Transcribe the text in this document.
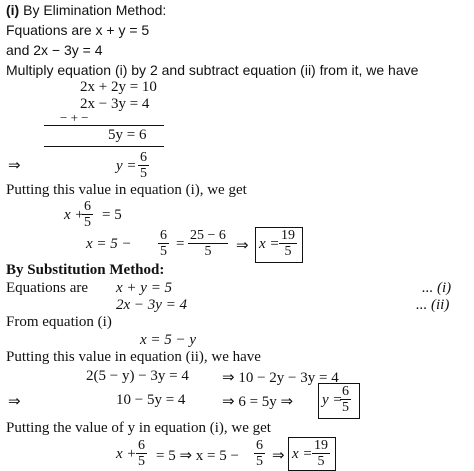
(i) By Elimination Method:
Fquations are x + y = 5
and 2x − 3y = 4
Multiply equation (i) by 2 and subtract equation (ii) from it, we have
2x + 2y = 10
2x − 3y = 4
− + −
5y = 6
⇒	$y = \frac{6}{5}$
Putting this value in equation (i), we get
x +
$\frac{6}{5} = 5$
$x = 5 - \frac{6}{5} = \frac{25 - 6}{5}$ ⇒ $x = \frac{19}{5}$
By Substitution Method:
Equations are x + y = 5	... (i)
2x − 3y = 4	... (ii)
From equation (i)
x = 5 − y
Putting this value in equation (ii), we have
2(5 − y) − 3y = 4 ⇒ 10 − 2y − 3y = 4
⇒	10 − 5y = 4 ⇒ 6 = 5y ⇒ y =
$\frac{6}{5}$
Putting the value of y in equation (i), we get
$x + \frac{6}{5} = 5$ ⇒ $x = 5 - \frac{6}{5}$ ⇒ $x = \frac{19}{5}$
